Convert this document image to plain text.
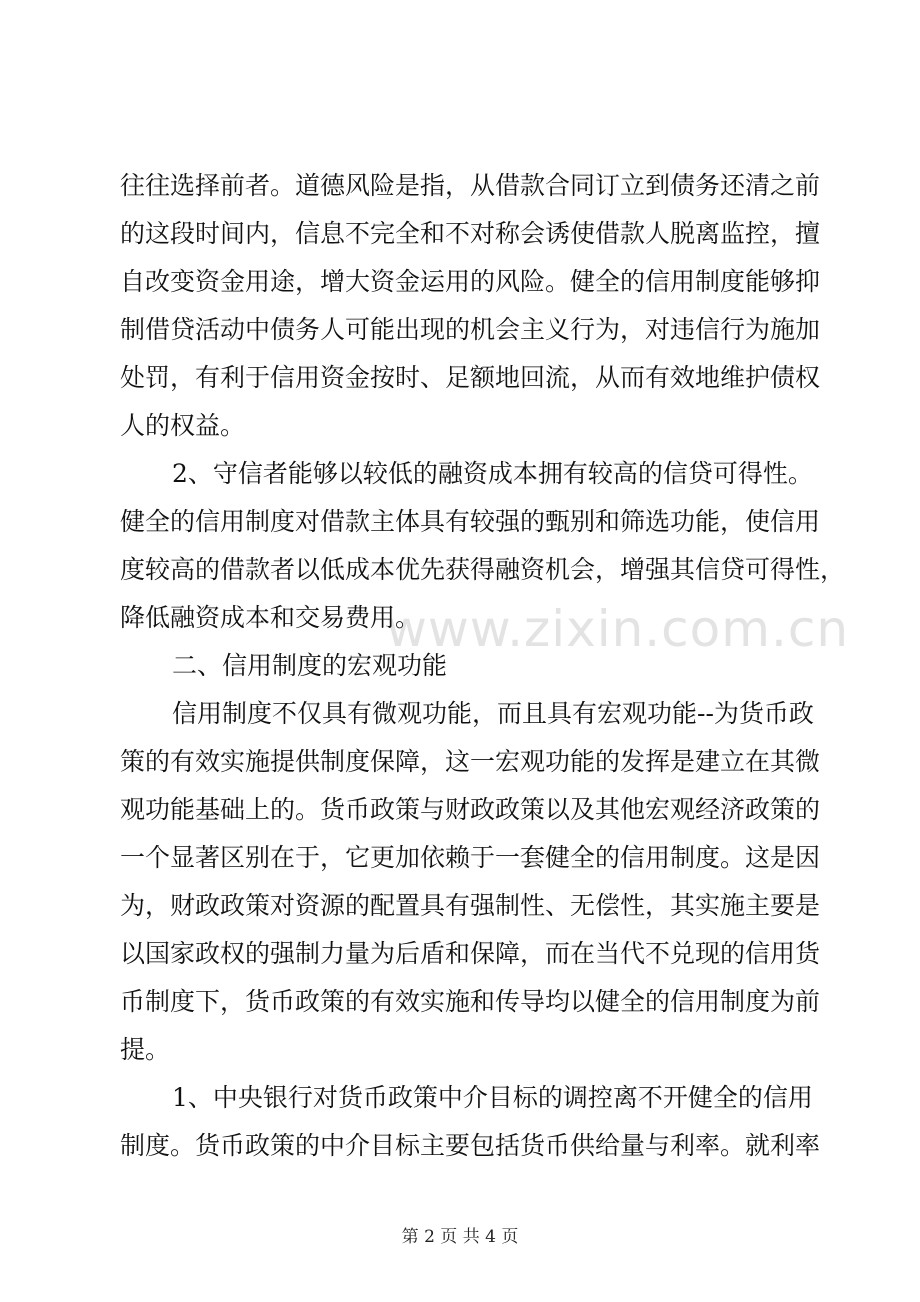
www.zixin.com.cn
往往选择前者。道德风险是指，从借款合同订立到债务还清之前
的这段时间内，信息不完全和不对称会诱使借款人脱离监控，擅
自改变资金用途，增大资金运用的风险。健全的信用制度能够抑
制借贷活动中债务人可能出现的机会主义行为，对违信行为施加
处罚，有利于信用资金按时、足额地回流，从而有效地维护债权
人的权益。
2、守信者能够以较低的融资成本拥有较高的信贷可得性。
健全的信用制度对借款主体具有较强的甄别和筛选功能，使信用
度较高的借款者以低成本优先获得融资机会，增强其信贷可得性，
降低融资成本和交易费用。
二、信用制度的宏观功能
信用制度不仅具有微观功能，而且具有宏观功能--为货币政
策的有效实施提供制度保障，这一宏观功能的发挥是建立在其微
观功能基础上的。货币政策与财政政策以及其他宏观经济政策的
一个显著区别在于，它更加依赖于一套健全的信用制度。这是因
为，财政政策对资源的配置具有强制性、无偿性，其实施主要是
以国家政权的强制力量为后盾和保障，而在当代不兑现的信用货
币制度下，货币政策的有效实施和传导均以健全的信用制度为前
提。
1、中央银行对货币政策中介目标的调控离不开健全的信用
制度。货币政策的中介目标主要包括货币供给量与利率。就利率
第 2 页 共 4 页
